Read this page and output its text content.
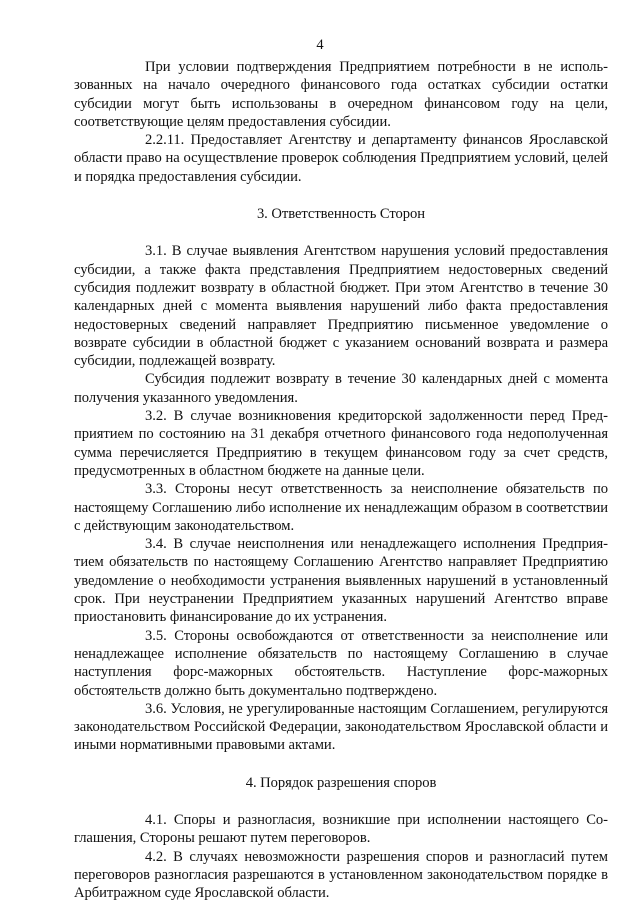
4

При условии подтверждения Предприятием потребности в не использованных на начало очередного финансового года остатках субсидии остатки субсидии могут быть использованы в очередном финансовом году на цели, соответствующие целям предоставления субсидии.

2.2.11. Предоставляет Агентству и департаменту финансов Ярославской области право на осуществление проверок соблюдения Предприятием условий, целей и порядка предоставления субсидии.

3. Ответственность Сторон

3.1. В случае выявления Агентством нарушения условий предоставления субсидии, а также факта представления Предприятием недостоверных сведений субсидия подлежит возврату в областной бюджет. При этом Агентство в течение 30 календарных дней с момента выявления нарушений либо факта предоставления недостоверных сведений направляет Предприятию письменное уведомление о возврате субсидии в областной бюджет с указанием оснований возврата и размера субсидии, подлежащей возврату.

Субсидия подлежит возврату в течение 30 календарных дней с момента получения указанного уведомления.

3.2. В случае возникновения кредиторской задолженности перед Предприятием по состоянию на 31 декабря отчетного финансового года недополученная сумма перечисляется Предприятию в текущем финансовом году за счет средств, предусмотренных в областном бюджете на данные цели.

3.3. Стороны несут ответственность за неисполнение обязательств по настоящему Соглашению либо исполнение их ненадлежащим образом в соответствии с действующим законодательством.

3.4. В случае неисполнения или ненадлежащего исполнения Предприятием обязательств по настоящему Соглашению Агентство направляет Предприятию уведомление о необходимости устранения выявленных нарушений в установленный срок. При неустранении Предприятием указанных нарушений Агентство вправе приостановить финансирование до их устранения.

3.5. Стороны освобождаются от ответственности за неисполнение или ненадлежащее исполнение обязательств по настоящему Соглашению в случае наступления форс-мажорных обстоятельств. Наступление форс-мажорных обстоятельств должно быть документально подтверждено.

3.6. Условия, не урегулированные настоящим Соглашением, регулируются законодательством Российской Федерации, законодательством Ярославской области и иными нормативными правовыми актами.

4. Порядок разрешения споров

4.1. Споры и разногласия, возникшие при исполнении настоящего Соглашения, Стороны решают путем переговоров.

4.2. В случаях невозможности разрешения споров и разногласий путем переговоров разногласия разрешаются в установленном законодательством порядке в Арбитражном суде Ярославской области.
